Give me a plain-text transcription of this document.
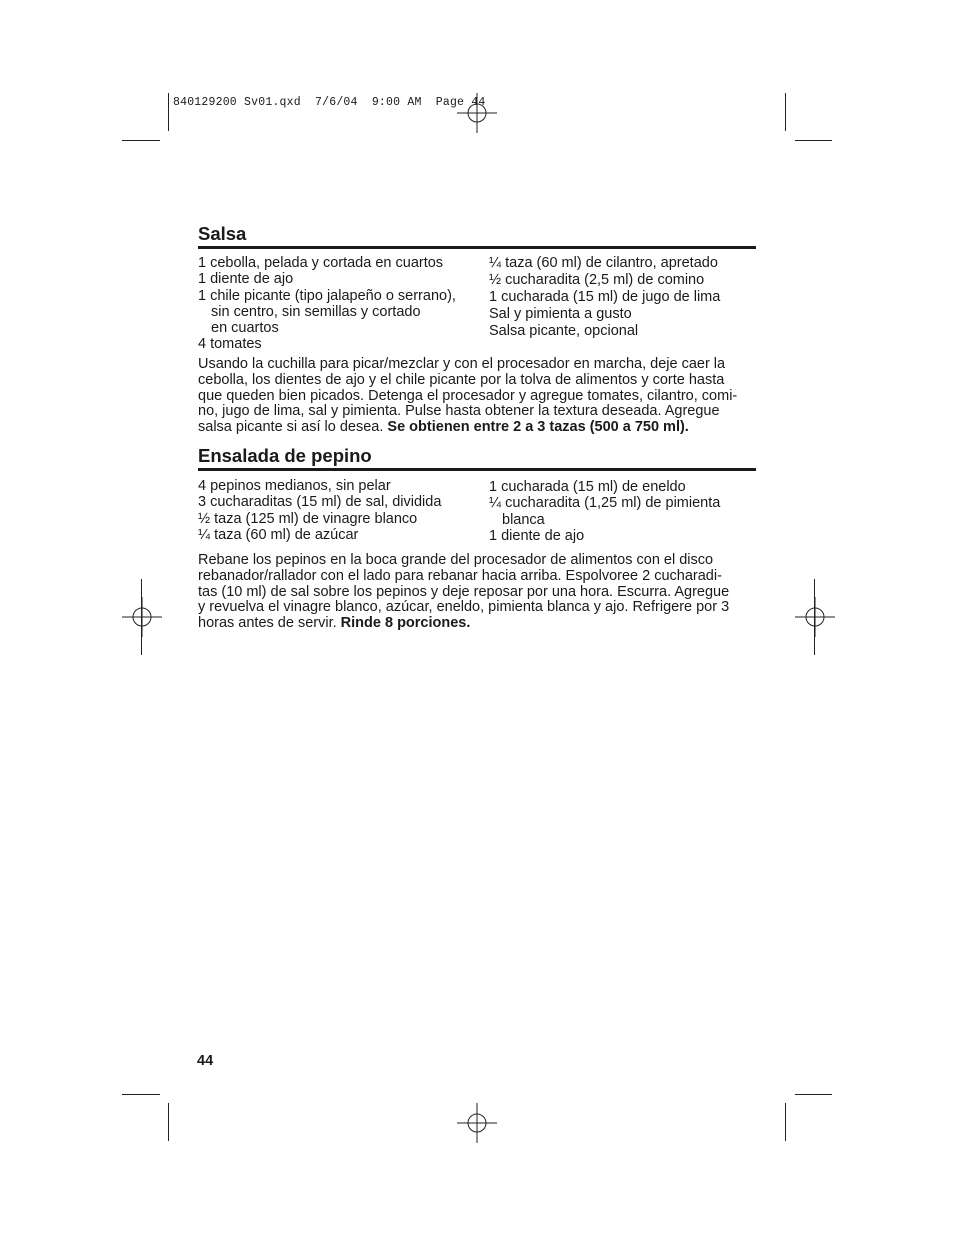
840129200 Sv01.qxd  7/6/04  9:00 AM  Page 44
Salsa
1 cebolla, pelada y cortada en cuartos
1 diente de ajo
1 chile picante (tipo jalapeño o serrano),
sin centro, sin semillas y cortado
en cuartos
4 tomates
¼ taza (60 ml) de cilantro, apretado
½ cucharadita (2,5 ml) de comino
1 cucharada (15 ml) de jugo de lima
Sal y pimienta a gusto
Salsa picante, opcional
Usando la cuchilla para picar/mezclar y con el procesador en marcha, deje caer la
cebolla, los dientes de ajo y el chile picante por la tolva de alimentos y corte hasta
que queden bien picados. Detenga el procesador y agregue tomates, cilantro, comi-
no, jugo de lima, sal y pimienta. Pulse hasta obtener la textura deseada. Agregue
salsa picante si así lo desea. Se obtienen entre 2 a 3 tazas (500 a 750 ml).
Ensalada de pepino
4 pepinos medianos, sin pelar
3 cucharaditas (15 ml) de sal, dividida
½ taza (125 ml) de vinagre blanco
¼ taza (60 ml) de azúcar
1 cucharada (15 ml) de eneldo
¼ cucharadita (1,25 ml) de pimienta
blanca
1 diente de ajo
Rebane los pepinos en la boca grande del procesador de alimentos con el disco
rebanador/rallador con el lado para rebanar hacia arriba. Espolvoree 2 cucharadi-
tas (10 ml) de sal sobre los pepinos y deje reposar por una hora. Escurra. Agregue
y revuelva el vinagre blanco, azúcar, eneldo, pimienta blanca y ajo. Refrigere por 3
horas antes de servir. Rinde 8 porciones.
44
